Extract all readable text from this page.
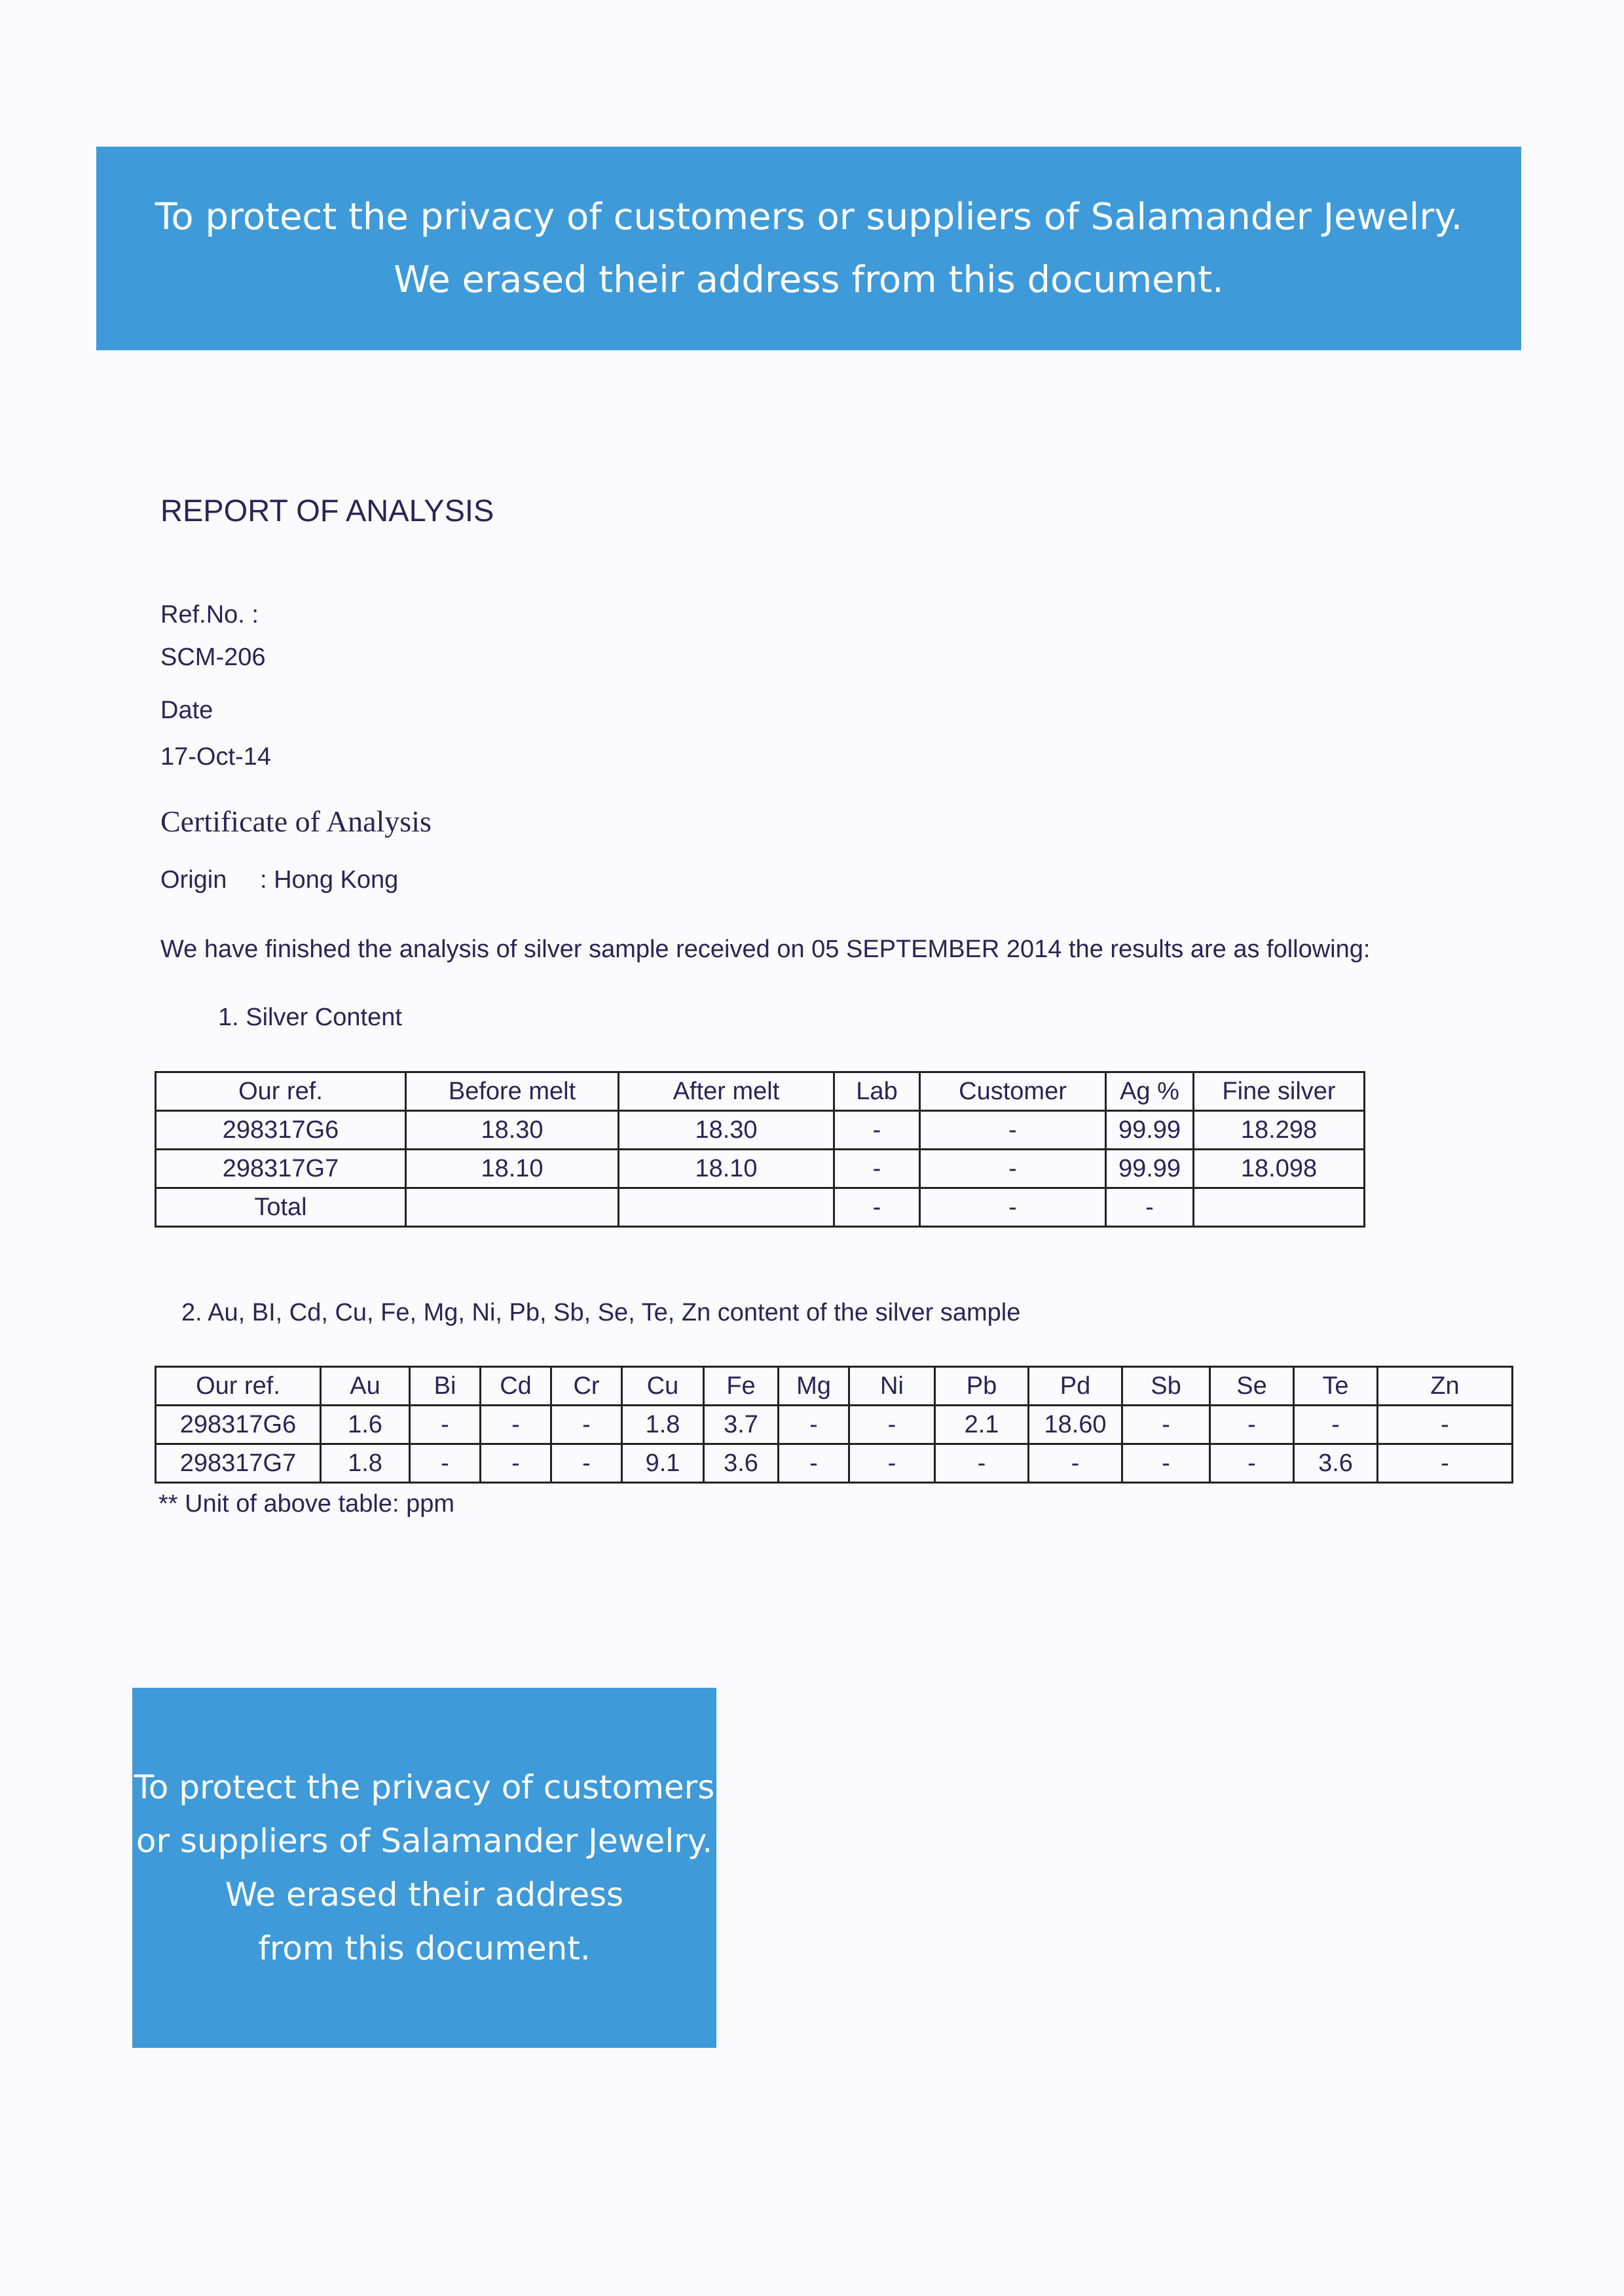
To protect the privacy of customers or suppliers of Salamander Jewelry.
We erased their address from this document.
REPORT OF ANALYSIS
Ref.No. :
SCM-206
Date
17-Oct-14
Certificate of Analysis
Origin : Hong Kong
We have finished the analysis of silver sample received on 05 SEPTEMBER 2014 the results are as following:
1. Silver Content
Our ref.	Before melt	After melt	Lab	Customer	Ag %	Fine silver
298317G6	18.30	18.30	-	-	99.99	18.298
298317G7	18.10	18.10	-	-	99.99	18.098
Total			-	-	-	
2. Au, BI, Cd, Cu, Fe, Mg, Ni, Pb, Sb, Se, Te, Zn content of the silver sample
Our ref.	Au	Bi	Cd	Cr	Cu	Fe	Mg	Ni	Pb	Pd	Sb	Se	Te	Zn
298317G6	1.6	-	-	-	1.8	3.7	-	-	2.1	18.60	-	-	-	-
298317G7	1.8	-	-	-	9.1	3.6	-	-	-	-	-	-	3.6	-
** Unit of above table: ppm
To protect the privacy of customers
or suppliers of Salamander Jewelry.
We erased their address
from this document.
